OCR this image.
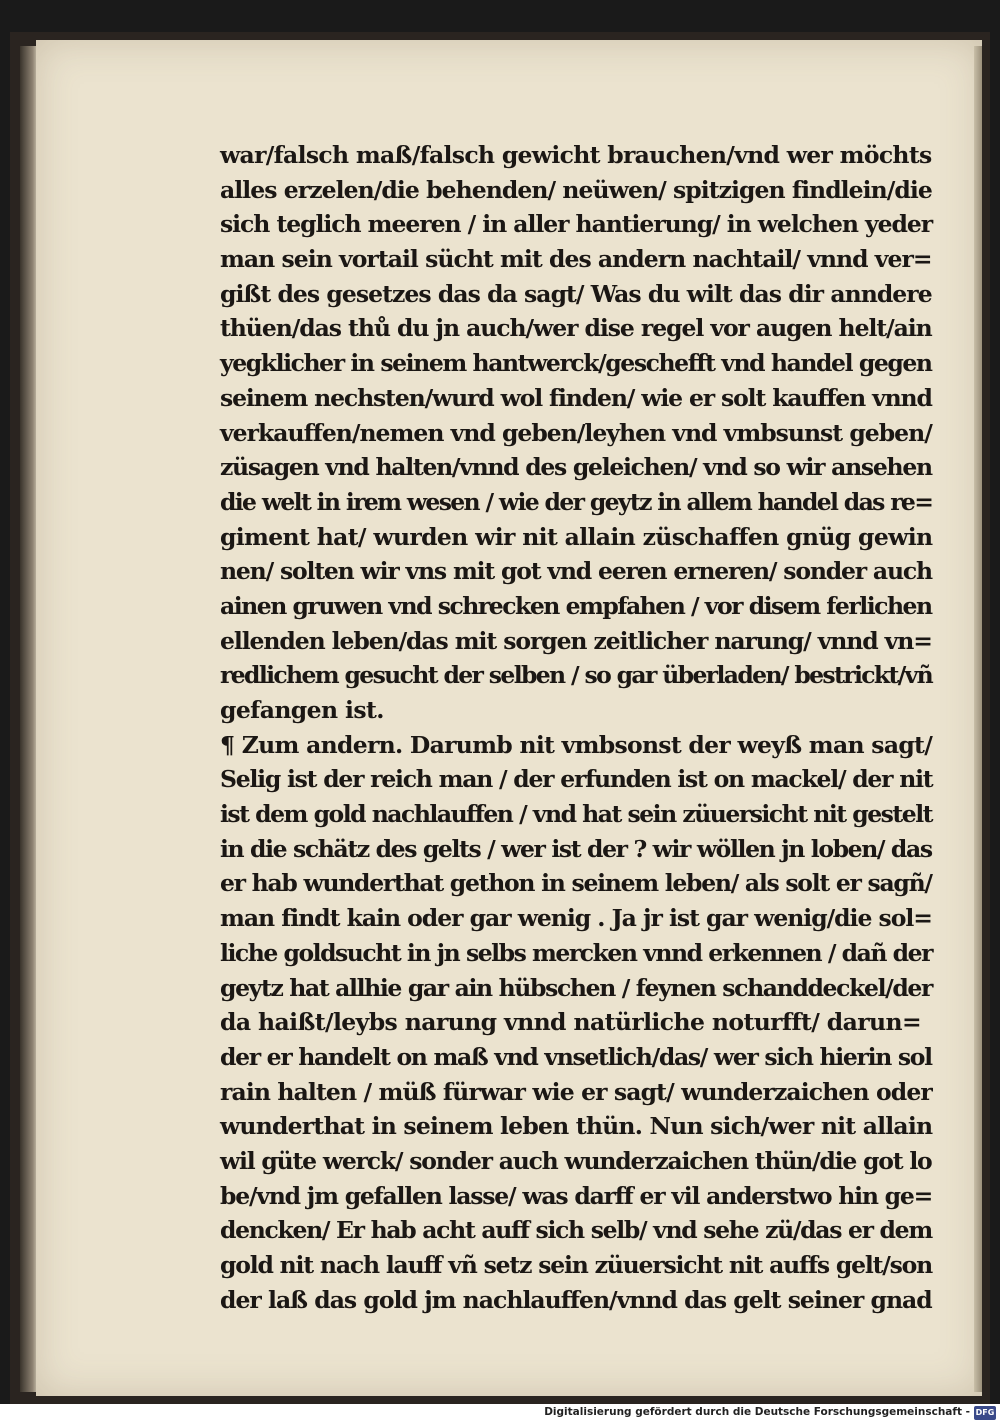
war/falsch maß/falsch gewicht brauchen/vnd wer möchts
alles erzelen/die behenden/ neüwen/ spitzigen findlein/die
sich teglich meeren / in aller hantierung/ in welchen yeder
man sein vortail sücht mit des andern nachtail/ vnnd ver=
gißt des gesetzes das da sagt/ Was du wilt das dir anndere
thüen/das thů du jn auch/wer dise regel vor augen helt/ain
yegklicher in seinem hantwerck/geschefft vnd handel gegen
seinem nechsten/wurd wol finden/ wie er solt kauffen vnnd
verkauffen/nemen vnd geben/leyhen vnd vmbsunst geben/
züsagen vnd halten/vnnd des geleichen/ vnd so wir ansehen
die welt in irem wesen / wie der geytz in allem handel das re=
giment hat/ wurden wir nit allain züschaffen gnüg gewin
nen/ solten wir vns mit got vnd eeren erneren/ sonder auch
ainen gruwen vnd schrecken empfahen / vor disem ferlichen
ellenden leben/das mit sorgen zeitlicher narung/ vnnd vn=
redlichem gesucht der selben / so gar überladen/ bestrickt/vñ
gefangen ist.
¶ Zum andern. Darumb nit vmbsonst der weyß man sagt/
Selig ist der reich man / der erfunden ist on mackel/ der nit
ist dem gold nachlauffen / vnd hat sein züuersicht nit gestelt
in die schätz des gelts / wer ist der ? wir wöllen jn loben/ das
er hab wunderthat gethon in seinem leben/ als solt er sagñ/
man findt kain oder gar wenig . Ja jr ist gar wenig/die sol=
liche goldsucht in jn selbs mercken vnnd erkennen / dañ der
geytz hat allhie gar ain hübschen / feynen schanddeckel/der
da haißt/leybs narung vnnd natürliche noturfft/ darun=
der er handelt on maß vnd vnsetlich/das/ wer sich hierin sol
rain halten / müß fürwar wie er sagt/ wunderzaichen oder
wunderthat in seinem leben thün. Nun sich/wer nit allain
wil güte werck/ sonder auch wunderzaichen thün/die got lo
be/vnd jm gefallen lasse/ was darff er vil anderstwo hin ge=
dencken/ Er hab acht auff sich selb/ vnd sehe zü/das er dem
gold nit nach lauff vñ setz sein züuersicht nit auffs gelt/son
der laß das gold jm nachlauffen/vnnd das gelt seiner gnad
Digitalisierung gefördert durch die Deutsche Forschungsgemeinschaft - DFG
